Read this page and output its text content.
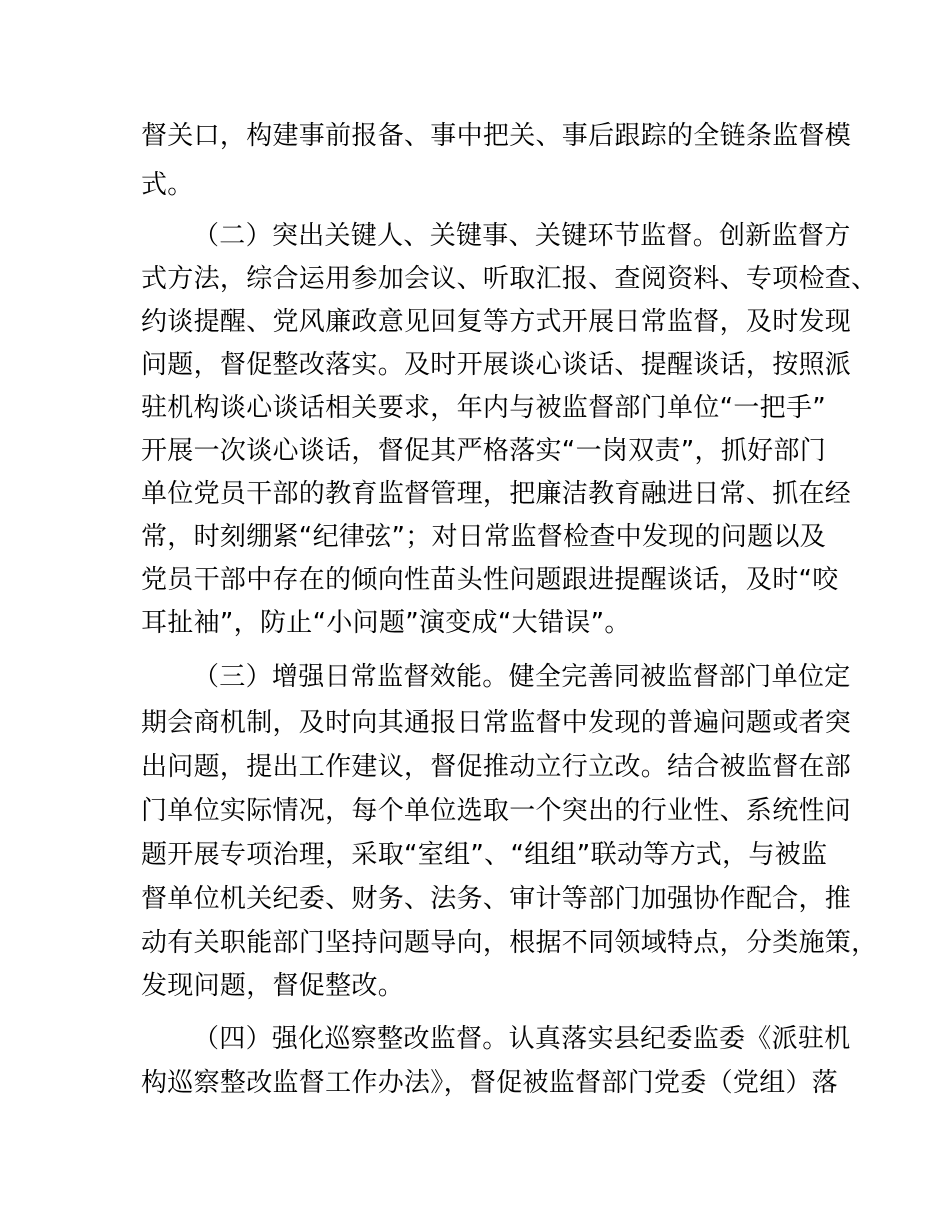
督关口，构建事前报备、事中把关、事后跟踪的全链条监督模

式。

（二）突出关键人、关键事、关键环节监督。创新监督方

式方法，综合运用参加会议、听取汇报、查阅资料、专项检查、

约谈提醒、党风廉政意见回复等方式开展日常监督，及时发现

问题，督促整改落实。及时开展谈心谈话、提醒谈话，按照派

驻机构谈心谈话相关要求，年内与被监督部门单位“一把手”

开展一次谈心谈话，督促其严格落实“一岗双责”，抓好部门

单位党员干部的教育监督管理，把廉洁教育融进日常、抓在经

常，时刻绷紧“纪律弦”；对日常监督检查中发现的问题以及

党员干部中存在的倾向性苗头性问题跟进提醒谈话，及时“咬

耳扯袖”，防止“小问题”演变成“大错误”。

（三）增强日常监督效能。健全完善同被监督部门单位定

期会商机制，及时向其通报日常监督中发现的普遍问题或者突

出问题，提出工作建议，督促推动立行立改。结合被监督在部

门单位实际情况，每个单位选取一个突出的行业性、系统性问

题开展专项治理，采取“室组”、“组组”联动等方式，与被监

督单位机关纪委、财务、法务、审计等部门加强协作配合，推

动有关职能部门坚持问题导向，根据不同领域特点，分类施策，

发现问题，督促整改。

（四）强化巡察整改监督。认真落实县纪委监委《派驻机

构巡察整改监督工作办法》，督促被监督部门党委（党组）落
